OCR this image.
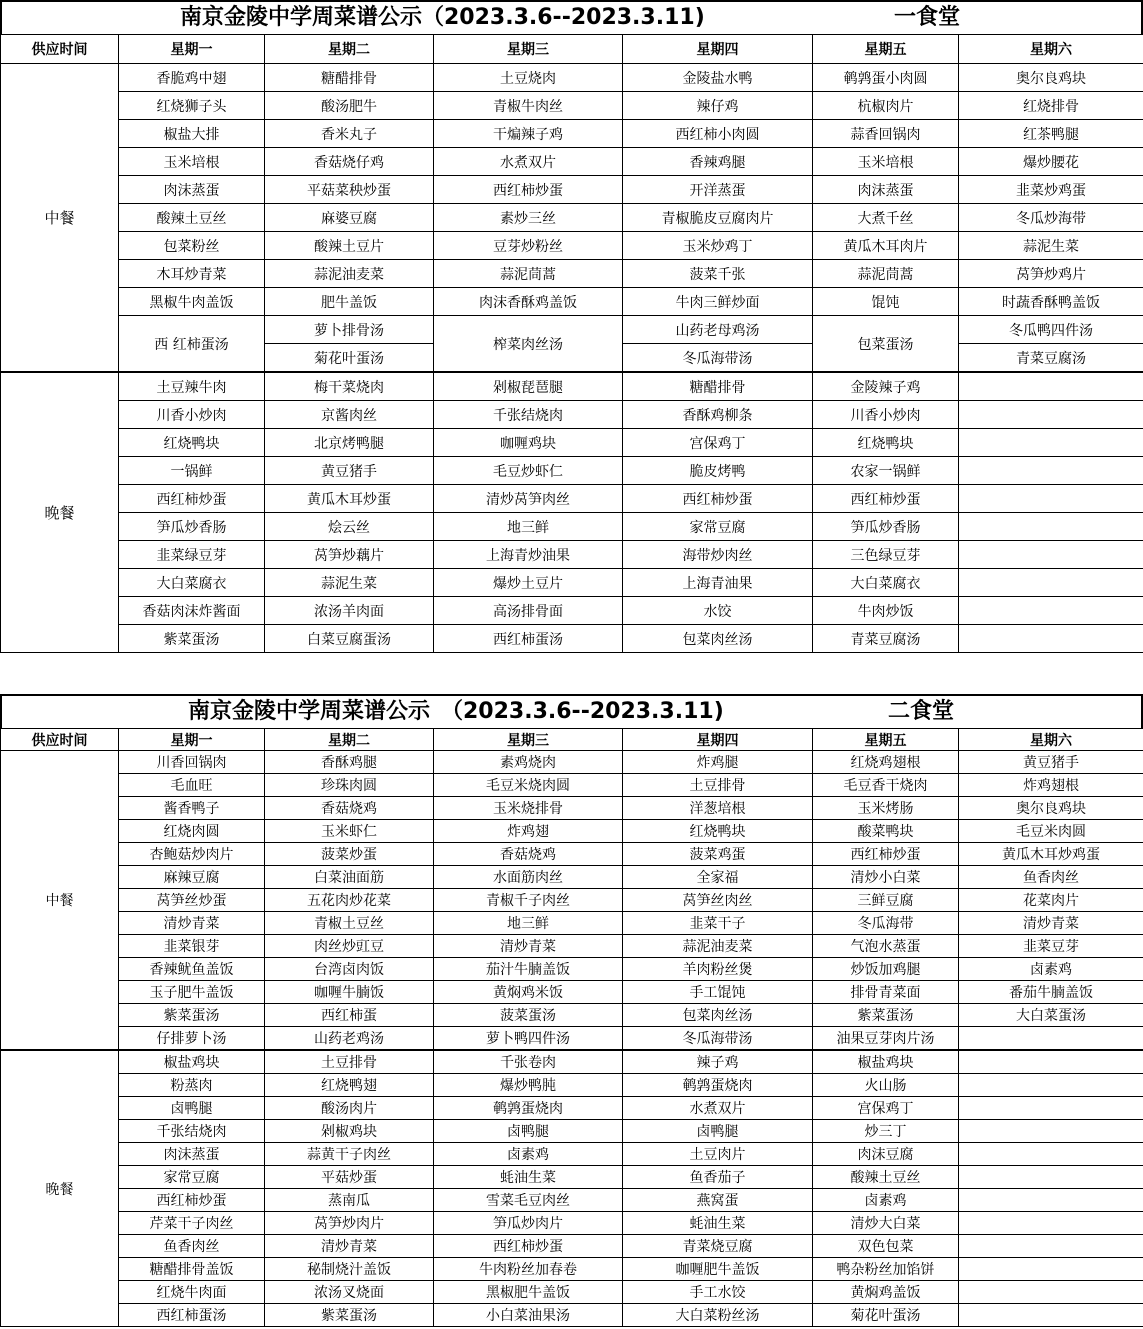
南京金陵中学周菜谱公示（2023.3.6--2023.3.11)	一食堂
供应时间	星期一	星期二	星期三	星期四	星期五	星期六
中餐	香脆鸡中翅	糖醋排骨	土豆烧肉	金陵盐水鸭	鹌鹑蛋小肉圆	奥尔良鸡块
	红烧狮子头	酸汤肥牛	青椒牛肉丝	辣仔鸡	杭椒肉片	红烧排骨
	椒盐大排	香米丸子	干煸辣子鸡	西红柿小肉圆	蒜香回锅肉	红茶鸭腿
	玉米培根	香菇烧仔鸡	水煮双片	香辣鸡腿	玉米培根	爆炒腰花
	肉沫蒸蛋	平菇菜秧炒蛋	西红柿炒蛋	开洋蒸蛋	肉沫蒸蛋	韭菜炒鸡蛋
	酸辣土豆丝	麻婆豆腐	素炒三丝	青椒脆皮豆腐肉片	大煮千丝	冬瓜炒海带
	包菜粉丝	酸辣土豆片	豆芽炒粉丝	玉米炒鸡丁	黄瓜木耳肉片	蒜泥生菜
	木耳炒青菜	蒜泥油麦菜	蒜泥茼蒿	菠菜千张	蒜泥茼蒿	莴笋炒鸡片
	黑椒牛肉盖饭	肥牛盖饭	肉沫香酥鸡盖饭	牛肉三鲜炒面	馄饨	时蔬香酥鸭盖饭
	西 红柿蛋汤	萝卜排骨汤	榨菜肉丝汤	山药老母鸡汤	包菜蛋汤	冬瓜鸭四件汤
		菊花叶蛋汤		冬瓜海带汤		青菜豆腐汤
晚餐	土豆辣牛肉	梅干菜烧肉	剁椒琵琶腿	糖醋排骨	金陵辣子鸡	
	川香小炒肉	京酱肉丝	千张结烧肉	香酥鸡柳条	川香小炒肉	
	红烧鸭块	北京烤鸭腿	咖喱鸡块	宫保鸡丁	红烧鸭块	
	一锅鲜	黄豆猪手	毛豆炒虾仁	脆皮烤鸭	农家一锅鲜	
	西红柿炒蛋	黄瓜木耳炒蛋	清炒莴笋肉丝	西红柿炒蛋	西红柿炒蛋	
	笋瓜炒香肠	烩云丝	地三鲜	家常豆腐	笋瓜炒香肠	
	韭菜绿豆芽	莴笋炒藕片	上海青炒油果	海带炒肉丝	三色绿豆芽	
	大白菜腐衣	蒜泥生菜	爆炒土豆片	上海青油果	大白菜腐衣	
	香菇肉沫炸酱面	浓汤羊肉面	高汤排骨面	水饺	牛肉炒饭	
	紫菜蛋汤	白菜豆腐蛋汤	西红柿蛋汤	包菜肉丝汤	青菜豆腐汤	
南京金陵中学周菜谱公示　（2023.3.6--2023.3.11)	二食堂
供应时间	星期一	星期二	星期三	星期四	星期五	星期六
中餐	川香回锅肉	香酥鸡腿	素鸡烧肉	炸鸡腿	红烧鸡翅根	黄豆猪手
	毛血旺	珍珠肉圆	毛豆米烧肉圆	土豆排骨	毛豆香干烧肉	炸鸡翅根
	酱香鸭子	香菇烧鸡	玉米烧排骨	洋葱培根	玉米烤肠	奥尔良鸡块
	红烧肉圆	玉米虾仁	炸鸡翅	红烧鸭块	酸菜鸭块	毛豆米肉圆
	杏鲍菇炒肉片	菠菜炒蛋	香菇烧鸡	菠菜鸡蛋	西红柿炒蛋	黄瓜木耳炒鸡蛋
	麻辣豆腐	白菜油面筋	水面筋肉丝	全家福	清炒小白菜	鱼香肉丝
	莴笋丝炒蛋	五花肉炒花菜	青椒千子肉丝	莴笋丝肉丝	三鲜豆腐	花菜肉片
	清炒青菜	青椒土豆丝	地三鲜	韭菜干子	冬瓜海带	清炒青菜
	韭菜银芽	肉丝炒豇豆	清炒青菜	蒜泥油麦菜	气泡水蒸蛋	韭菜豆芽
	香辣鱿鱼盖饭	台湾卤肉饭	茄汁牛腩盖饭	羊肉粉丝煲	炒饭加鸡腿	卤素鸡
	玉子肥牛盖饭	咖喱牛腩饭	黄焖鸡米饭	手工馄饨	排骨青菜面	番茄牛腩盖饭
	紫菜蛋汤	西红柿蛋	菠菜蛋汤	包菜肉丝汤	紫菜蛋汤	大白菜蛋汤
	仔排萝卜汤	山药老鸡汤	萝卜鸭四件汤	冬瓜海带汤	油果豆芽肉片汤	
晚餐	椒盐鸡块	土豆排骨	千张卷肉	辣子鸡	椒盐鸡块	
	粉蒸肉	红烧鸭翅	爆炒鸭肫	鹌鹑蛋烧肉	火山肠	
	卤鸭腿	酸汤肉片	鹌鹑蛋烧肉	水煮双片	宫保鸡丁	
	千张结烧肉	剁椒鸡块	卤鸭腿	卤鸭腿	炒三丁	
	肉沫蒸蛋	蒜黄干子肉丝	卤素鸡	土豆肉片	肉沫豆腐	
	家常豆腐	平菇炒蛋	蚝油生菜	鱼香茄子	酸辣土豆丝	
	西红柿炒蛋	蒸南瓜	雪菜毛豆肉丝	燕窝蛋	卤素鸡	
	芹菜干子肉丝	莴笋炒肉片	笋瓜炒肉片	蚝油生菜	清炒大白菜	
	鱼香肉丝	清炒青菜	西红柿炒蛋	青菜烧豆腐	双色包菜	
	糖醋排骨盖饭	秘制烧汁盖饭	牛肉粉丝加春卷	咖喱肥牛盖饭	鸭杂粉丝加馅饼	
	红烧牛肉面	浓汤叉烧面	黑椒肥牛盖饭	手工水饺	黄焖鸡盖饭	
	西红柿蛋汤	紫菜蛋汤	小白菜油果汤	大白菜粉丝汤	菊花叶蛋汤	
